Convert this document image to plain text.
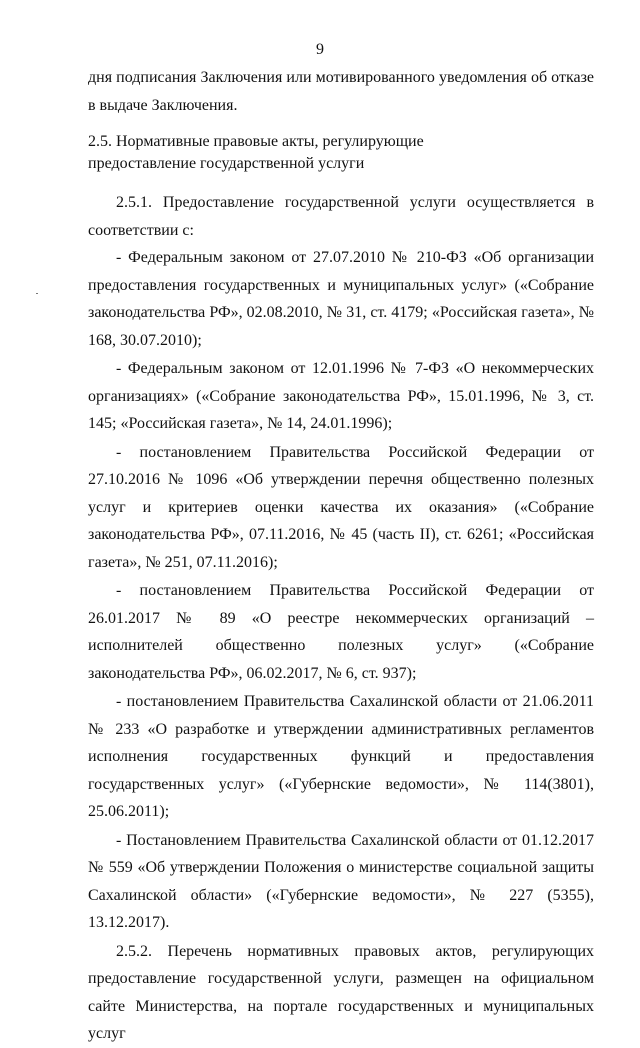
9

дня подписания Заключения или мотивированного уведомления об отказе в выдаче Заключения.

2.5. Нормативные правовые акты, регулирующие
предоставление государственной услуги

2.5.1. Предоставление государственной услуги осуществляется в соответствии с:

- Федеральным законом от 27.07.2010 № 210-ФЗ «Об организации предоставления государственных и муниципальных услуг» («Собрание законодательства РФ», 02.08.2010, № 31, ст. 4179; «Российская газета», № 168, 30.07.2010);

- Федеральным законом от 12.01.1996 № 7-ФЗ «О некоммерческих организациях» («Собрание законодательства РФ», 15.01.1996, № 3, ст. 145; «Российская газета», № 14, 24.01.1996);

- постановлением Правительства Российской Федерации от 27.10.2016 № 1096 «Об утверждении перечня общественно полезных услуг и критериев оценки качества их оказания» («Собрание законодательства РФ», 07.11.2016, № 45 (часть II), ст. 6261; «Российская газета», № 251, 07.11.2016);

- постановлением Правительства Российской Федерации от 26.01.2017 № 89 «О реестре некоммерческих организаций – исполнителей общественно полезных услуг» («Собрание законодательства РФ», 06.02.2017, № 6, ст. 937);

- постановлением Правительства Сахалинской области от 21.06.2011 № 233 «О разработке и утверждении административных регламентов исполнения государственных функций и предоставления государственных услуг» («Губернские ведомости», № 114(3801), 25.06.2011);

- Постановлением Правительства Сахалинской области от 01.12.2017 № 559 «Об утверждении Положения о министерстве социальной защиты Сахалинской области» («Губернские ведомости», № 227 (5355), 13.12.2017).

2.5.2. Перечень нормативных правовых актов, регулирующих предоставление государственной услуги, размещен на официальном сайте Министерства, на портале государственных и муниципальных услуг
